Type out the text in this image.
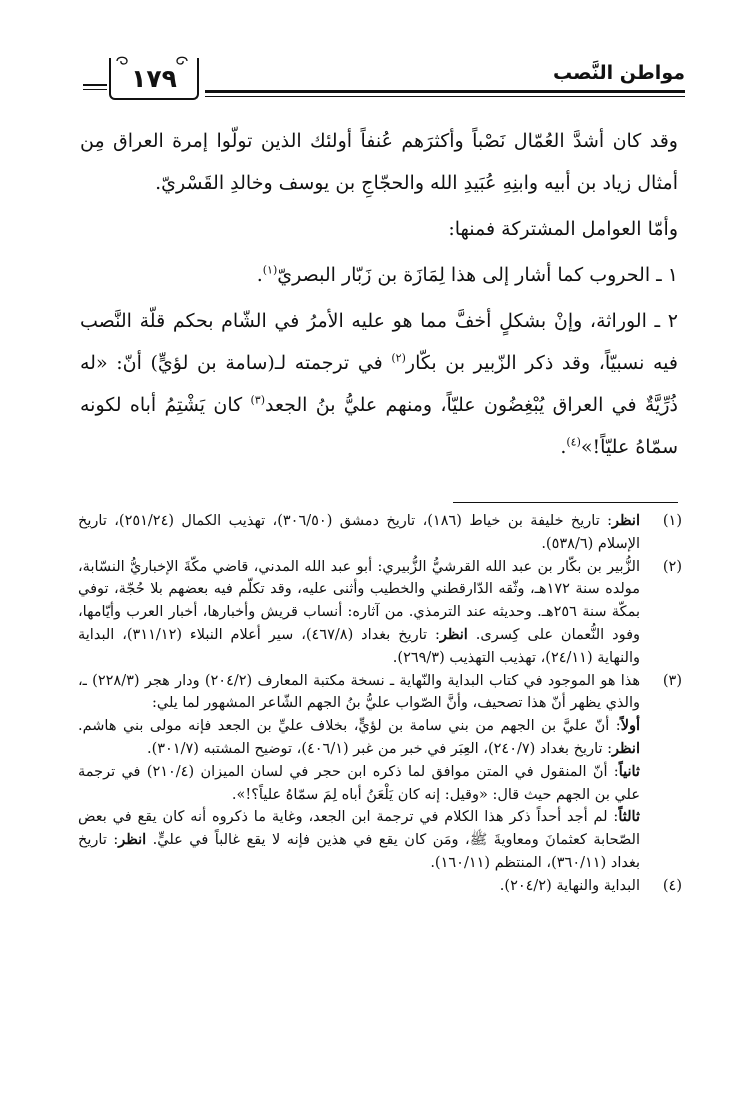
١٧٩	مواطن النَّصب

وقد كان أشدَّ العُمّال نَصْباً وأكثرَهم عُنفاً أولئك الذين تولّوا إمرة العراق مِن أمثال زياد بن أبيه وابنِهِ عُبَيدِ الله والحجّاجِ بن يوسف وخالدِ القَسْريّ.

وأمّا العوامل المشتركة فمنها:

١ ـ الحروب كما أشار إلى هذا لِمَازَة بن زَبّار البصريّ$^{(١)}$.

٢ ـ الوراثة، وإنْ بشكلٍ أخفَّ مما هو عليه الأمرُ في الشّام بحكم قلّة النَّصب فيه نسبيّاً، وقد ذكر الزّبير بن بكّار$^{(٢)}$ في ترجمته لـ(سامة بن لؤيٍّ) أنّ: «له ذُرِّيَّةٌ في العراق يُبْغِضُون عليّاً، ومنهم عليُّ بنُ الجعد$^{(٣)}$ كان يَشْتِمُ أباه لكونه سمّاهُ عليّاً!»$^{(٤)}$.

(١)

انظر: تاريخ خليفة بن خياط (١٨٦)، تاريخ دمشق (٣٠٦/٥٠)، تهذيب الكمال (٢٥١/٢٤)، تاريخ الإسلام (٥٣٨/٦).

(٢)

الزُّبير بن بكّار بن عبد الله القرشيُّ الزُّبيري: أبو عبد الله المدني، قاضي مكّةَ الإخباريُّ النسّابة، مولده سنة ١٧٢هـ، وثّقه الدّارقطني والخطيب وأثنى عليه، وقد تكلّم فيه بعضهم بلا حُجّة، توفي بمكّة سنة ٢٥٦هـ. وحديثه عند الترمذي. من آثاره: أنساب قريش وأخبارها، أخبار العرب وأيّامها، وفود النُّعمان على كِسرى. انظر: تاريخ بغداد (٤٦٧/٨)، سير أعلام النبلاء (٣١١/١٢)، البداية والنهاية (٢٤/١١)، تهذيب التهذيب (٢٦٩/٣).

(٣)

هذا هو الموجود في كتاب البداية والنّهاية ـ نسخة مكتبة المعارف (٢٠٤/٢) ودار هجر (٢٢٨/٣) ـ، والذي يظهر أنّ هذا تصحيف، وأنَّ الصّواب عليُّ بنُ الجهم الشّاعر المشهور لما يلي:

أولاً: أنّ عليَّ بن الجهم من بني سامة بن لؤيٍّ، بخلاف عليِّ بن الجعد فإنه مولى بني هاشم. انظر: تاريخ بغداد (٢٤٠/٧)، العِبَر في خبر من غبر (٤٠٦/١)، توضيح المشتبه (٣٠١/٧).

ثانياً: أنّ المنقول في المتن موافق لما ذكره ابن حجر في لسان الميزان (٢١٠/٤) في ترجمة علي بن الجهم حيث قال: «وقيل: إنه كان يَلْعَنُ أباه لِمَ سمّاهُ علياً؟!».

ثالثاً: لم أجد أحداً ذكر هذا الكلام في ترجمة ابن الجعد، وغاية ما ذكروه أنه كان يقع في بعض الصّحابة كعثمانَ ومعاويةَ ﷺ، ومَن كان يقع في هذين فإنه لا يقع غالباً في عليٍّ. انظر: تاريخ بغداد (٣٦٠/١١)، المنتظم (١٦٠/١١).

(٤)

البداية والنهاية (٢٠٤/٢).
